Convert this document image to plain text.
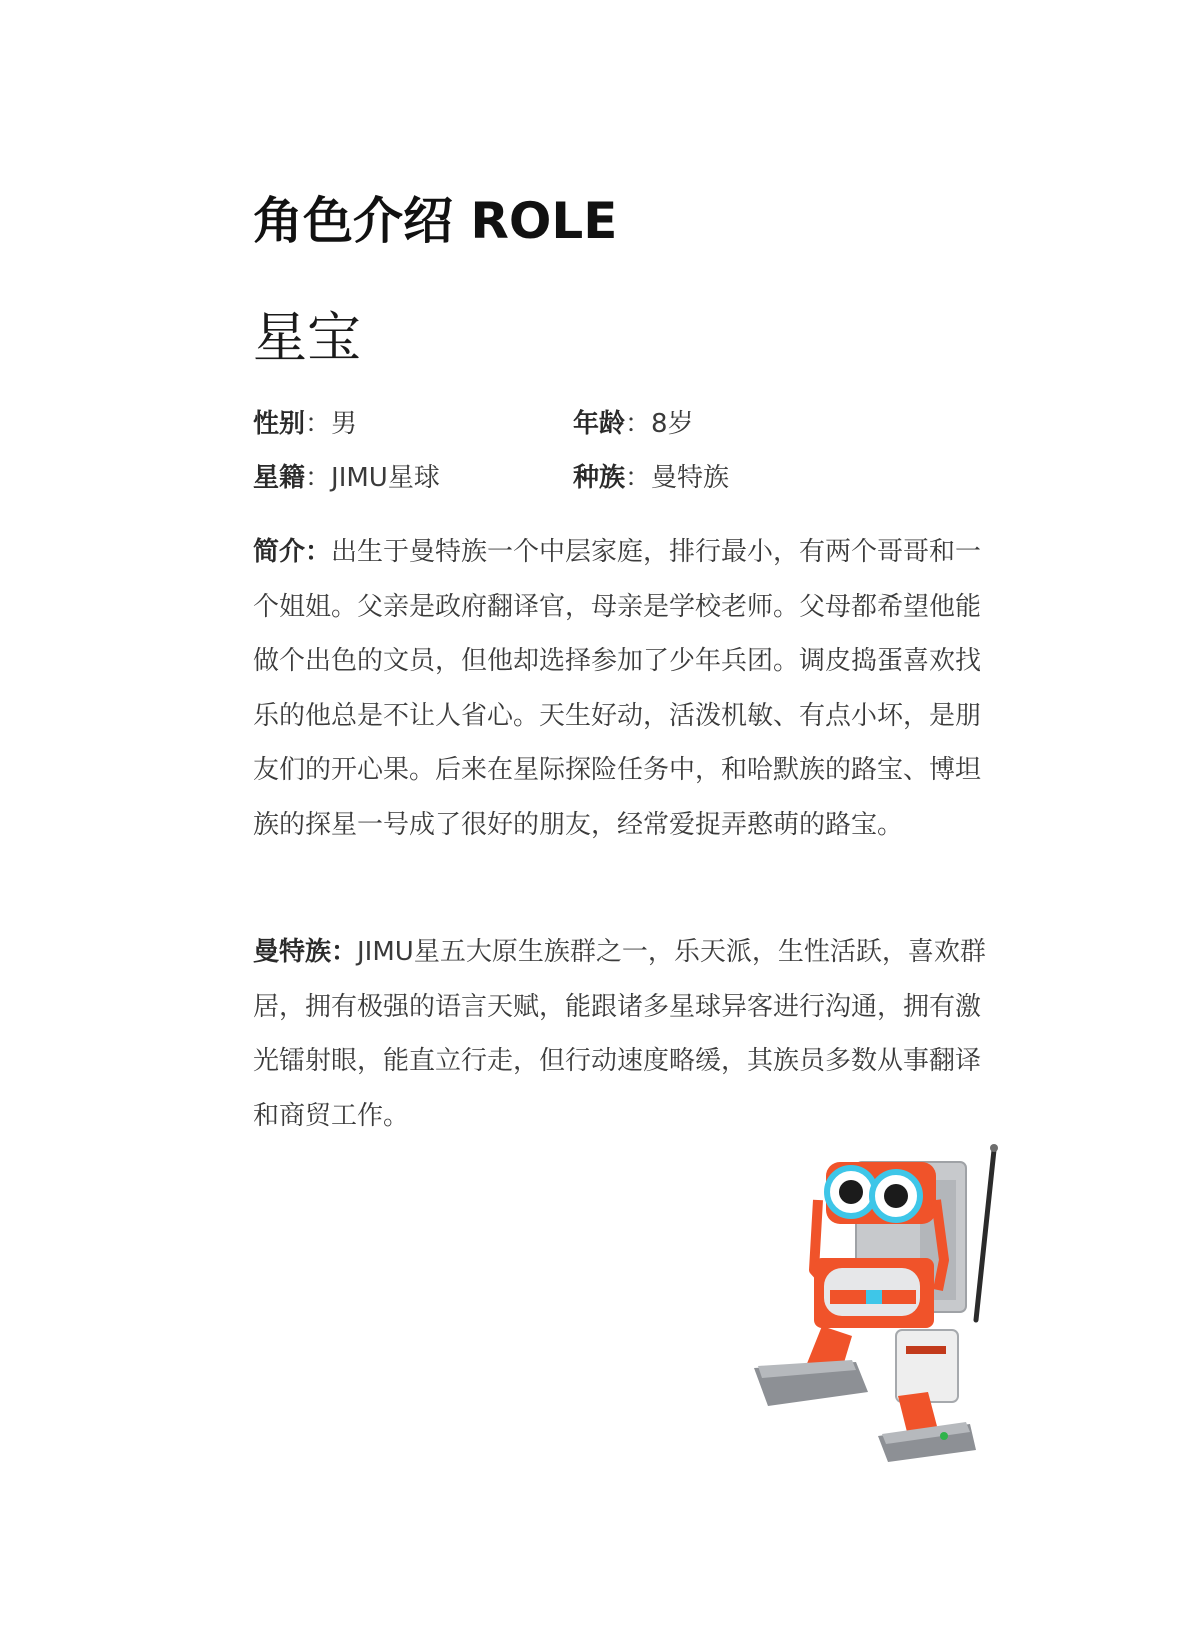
角色介绍 ROLE
星宝
性别：男	年龄：8岁
星籍：JIMU星球	种族：曼特族

简介：出生于曼特族一个中层家庭，排行最小，有两个哥哥和一个姐姐。父亲是政府翻译官，母亲是学校老师。父母都希望他能做个出色的文员，但他却选择参加了少年兵团。调皮捣蛋喜欢找乐的他总是不让人省心。天生好动，活泼机敏、有点小坏，是朋友们的开心果。后来在星际探险任务中，和哈默族的路宝、博坦族的探星一号成了很好的朋友，经常爱捉弄憨萌的路宝。

曼特族：JIMU星五大原生族群之一，乐天派，生性活跃，喜欢群居，拥有极强的语言天赋，能跟诸多星球异客进行沟通，拥有激光镭射眼，能直立行走，但行动速度略缓，其族员多数从事翻译和商贸工作。
